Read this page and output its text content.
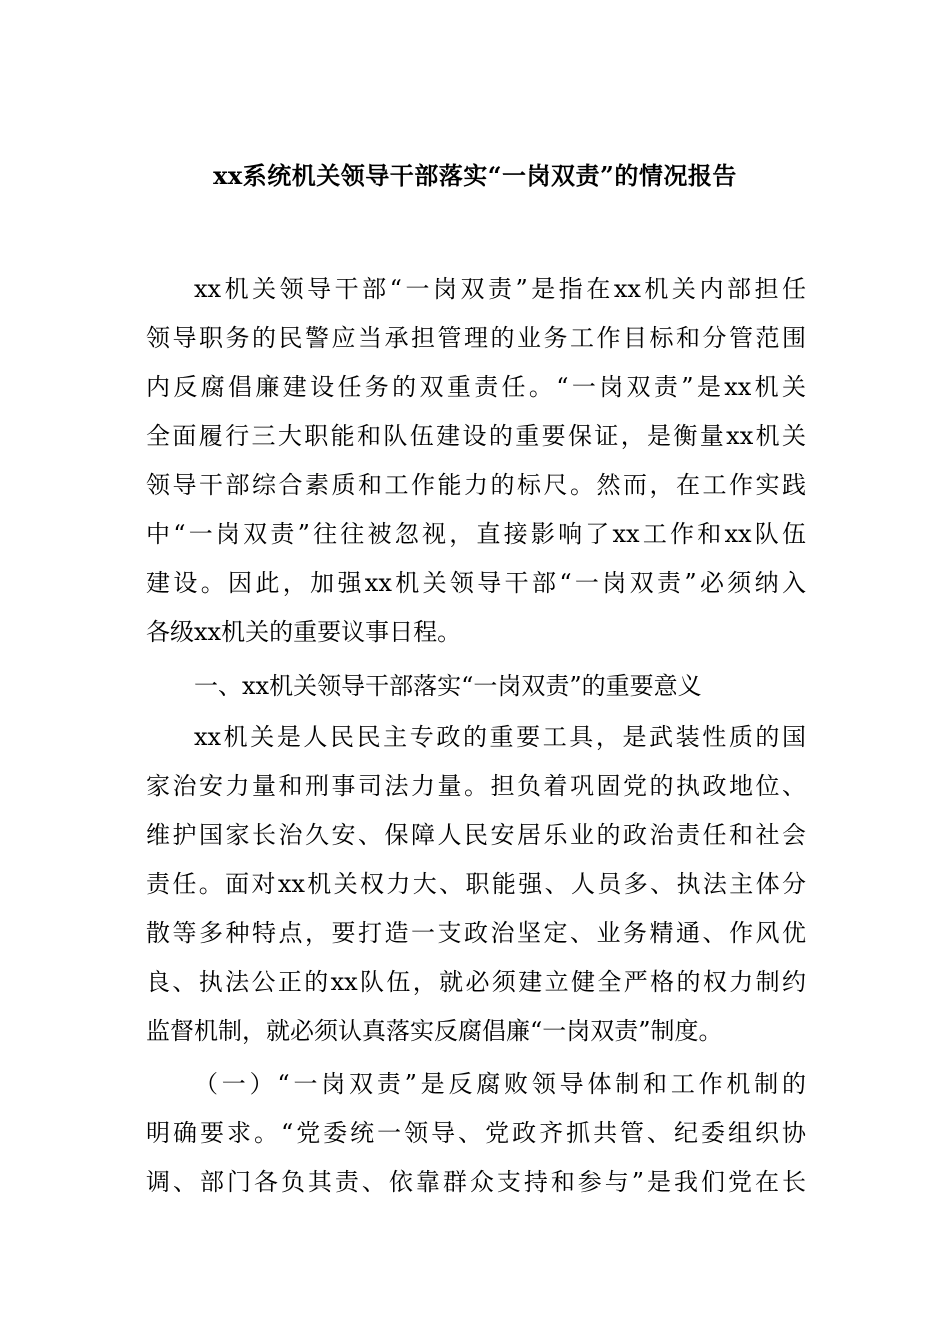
xx系统机关领导干部落实“一岗双责”的情况报告
xx机关领导干部“一岗双责”是指在xx机关内部担任
领导职务的民警应当承担管理的业务工作目标和分管范围
内反腐倡廉建设任务的双重责任。“一岗双责”是xx机关
全面履行三大职能和队伍建设的重要保证，是衡量xx机关
领导干部综合素质和工作能力的标尺。然而，在工作实践
中“一岗双责”往往被忽视，直接影响了xx工作和xx队伍
建设。因此，加强xx机关领导干部“一岗双责”必须纳入
各级xx机关的重要议事日程。
一、xx机关领导干部落实“一岗双责”的重要意义
xx机关是人民民主专政的重要工具，是武装性质的国
家治安力量和刑事司法力量。担负着巩固党的执政地位、
维护国家长治久安、保障人民安居乐业的政治责任和社会
责任。面对xx机关权力大、职能强、人员多、执法主体分
散等多种特点，要打造一支政治坚定、业务精通、作风优
良、执法公正的xx队伍，就必须建立健全严格的权力制约
监督机制，就必须认真落实反腐倡廉“一岗双责”制度。
（一）“一岗双责”是反腐败领导体制和工作机制的
明确要求。“党委统一领导、党政齐抓共管、纪委组织协
调、部门各负其责、依靠群众支持和参与”是我们党在长
